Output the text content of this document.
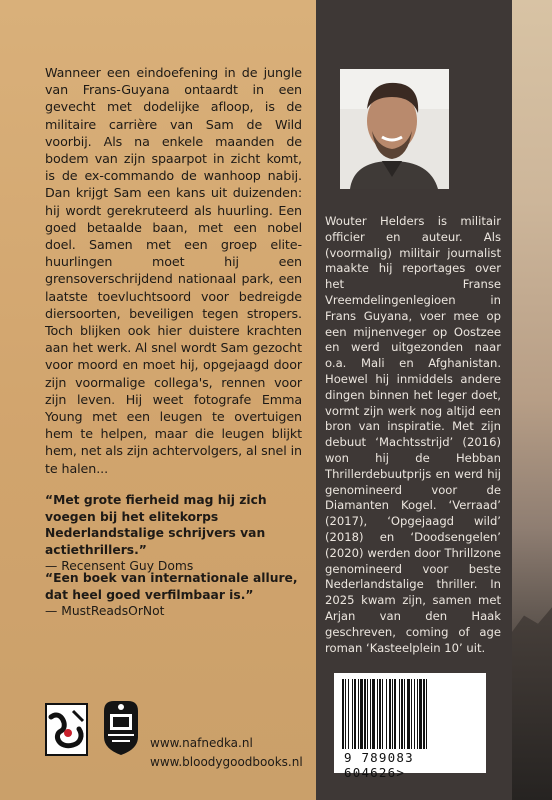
Wanneer een eindoefening in de jungle van Frans-Guyana ontaardt in een gevecht met dodelijke afloop, is de militaire carrière van Sam de Wild voorbij. Als na enkele maanden de bodem van zijn spaarpot in zicht komt, is de ex-commando de wanhoop nabij. Dan krijgt Sam een kans uit duizenden: hij wordt gerekruteerd als huurling. Een goed betaalde baan, met een nobel doel. Samen met een groep elite-huurlingen moet hij een grensoverschrijdend nationaal park, een laatste toevluchtsoord voor bedreigde diersoorten, beveiligen tegen stropers. Toch blijken ook hier duistere krachten aan het werk. Al snel wordt Sam gezocht voor moord en moet hij, opgejaagd door zijn voormalige collega's, rennen voor zijn leven. Hij weet fotografe Emma Young met een leugen te overtuigen hem te helpen, maar die leugen blijkt hem, net als zijn achtervolgers, al snel in te halen...

“Met grote fierheid mag hij zich voegen bij het elitekorps Nederlandstalige schrijvers van actiethrillers.”
— Recensent Guy Doms
“Een boek van internationale allure, dat heel goed verfilmbaar is.”
— MustReadsOrNot
www.nafnedka.nl
www.bloodygoodbooks.nl

Wouter Helders is militair officier en auteur. Als (voormalig) militair journalist maakte hij reportages over het Franse Vreemdelingenlegioen in Frans Guyana, voer mee op een mijnenveger op Oostzee en werd uitgezonden naar o.a. Mali en Afghanistan. Hoewel hij inmiddels andere dingen binnen het leger doet, vormt zijn werk nog altijd een bron van inspiratie. Met zijn debuut ‘Machtsstrijd’ (2016) won hij de Hebban Thrillerdebuutprijs en werd hij genomineerd voor de Diamanten Kogel. ‘Verraad’ (2017), ‘Opgejaagd wild’ (2018) en ‘Doodsengelen’ (2020) werden door Thrillzone genomineerd voor beste Nederlandstalige thriller. In 2025 kwam zijn, samen met Arjan van den Haak geschreven, coming of age roman ‘Kasteelplein 10’ uit.

9 789083 604626>
